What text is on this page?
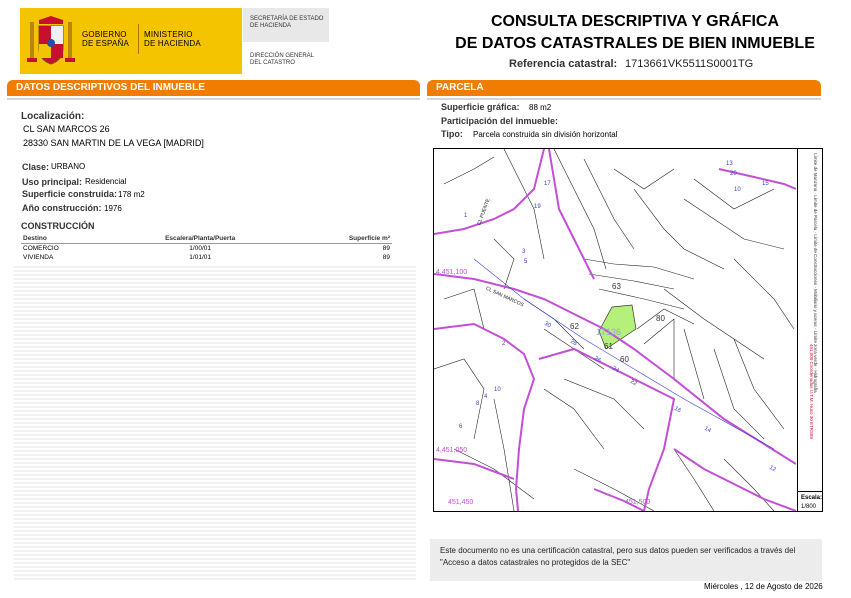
GOBIERNO
DE ESPAÑA
MINISTERIO
DE HACIENDA
SECRETARÍA DE ESTADO
DE HACIENDA
DIRECCIÓN GENERAL
DEL CATASTRO
CONSULTA DESCRIPTIVA Y GRÁFICA
DE DATOS CATASTRALES DE BIEN INMUEBLE
Referencia catastral: 1713661VK5511S0001TG
DATOS DESCRIPTIVOS DEL INMUEBLE
Localización:
CL SAN MARCOS 26
28330 SAN MARTIN DE LA VEGA [MADRID]
Clase: URBANO
Uso principal: Residencial
Superficie construida: 178 m2
Año construcción: 1976
CONSTRUCCIÓN
Destino	Escalera/Planta/Puerta	Superficie m²
COMERCIO	1/00/01	89
VIVIENDA	1/01/01	89
PARCELA
Superficie gráfica: 88 m2
Participación del inmueble:
Tipo: Parcela construida sin división horizontal
4,451,100
4,451,050
451,450	451,500
CL SAN MARCOS
CL PUENTE
17136
62
63
61
60
80
30
28
26
24
22
16
14
12
10
8
6
4
2
13
15
17
19
20
10
5
3
1
Límite de Manzana · Límite de Parcela · Límite de Construcciones · Mobiliario y aceras · Límite zona verde · Hidrografía
451,000 Coordenadas U.T.M. Huso 30 ETRS89
Escala:
1/800
Este documento no es una certificación catastral, pero sus datos pueden ser verificados a través del "Acceso a datos catastrales no protegidos de la SEC"
Miércoles , 12 de Agosto de 2026
